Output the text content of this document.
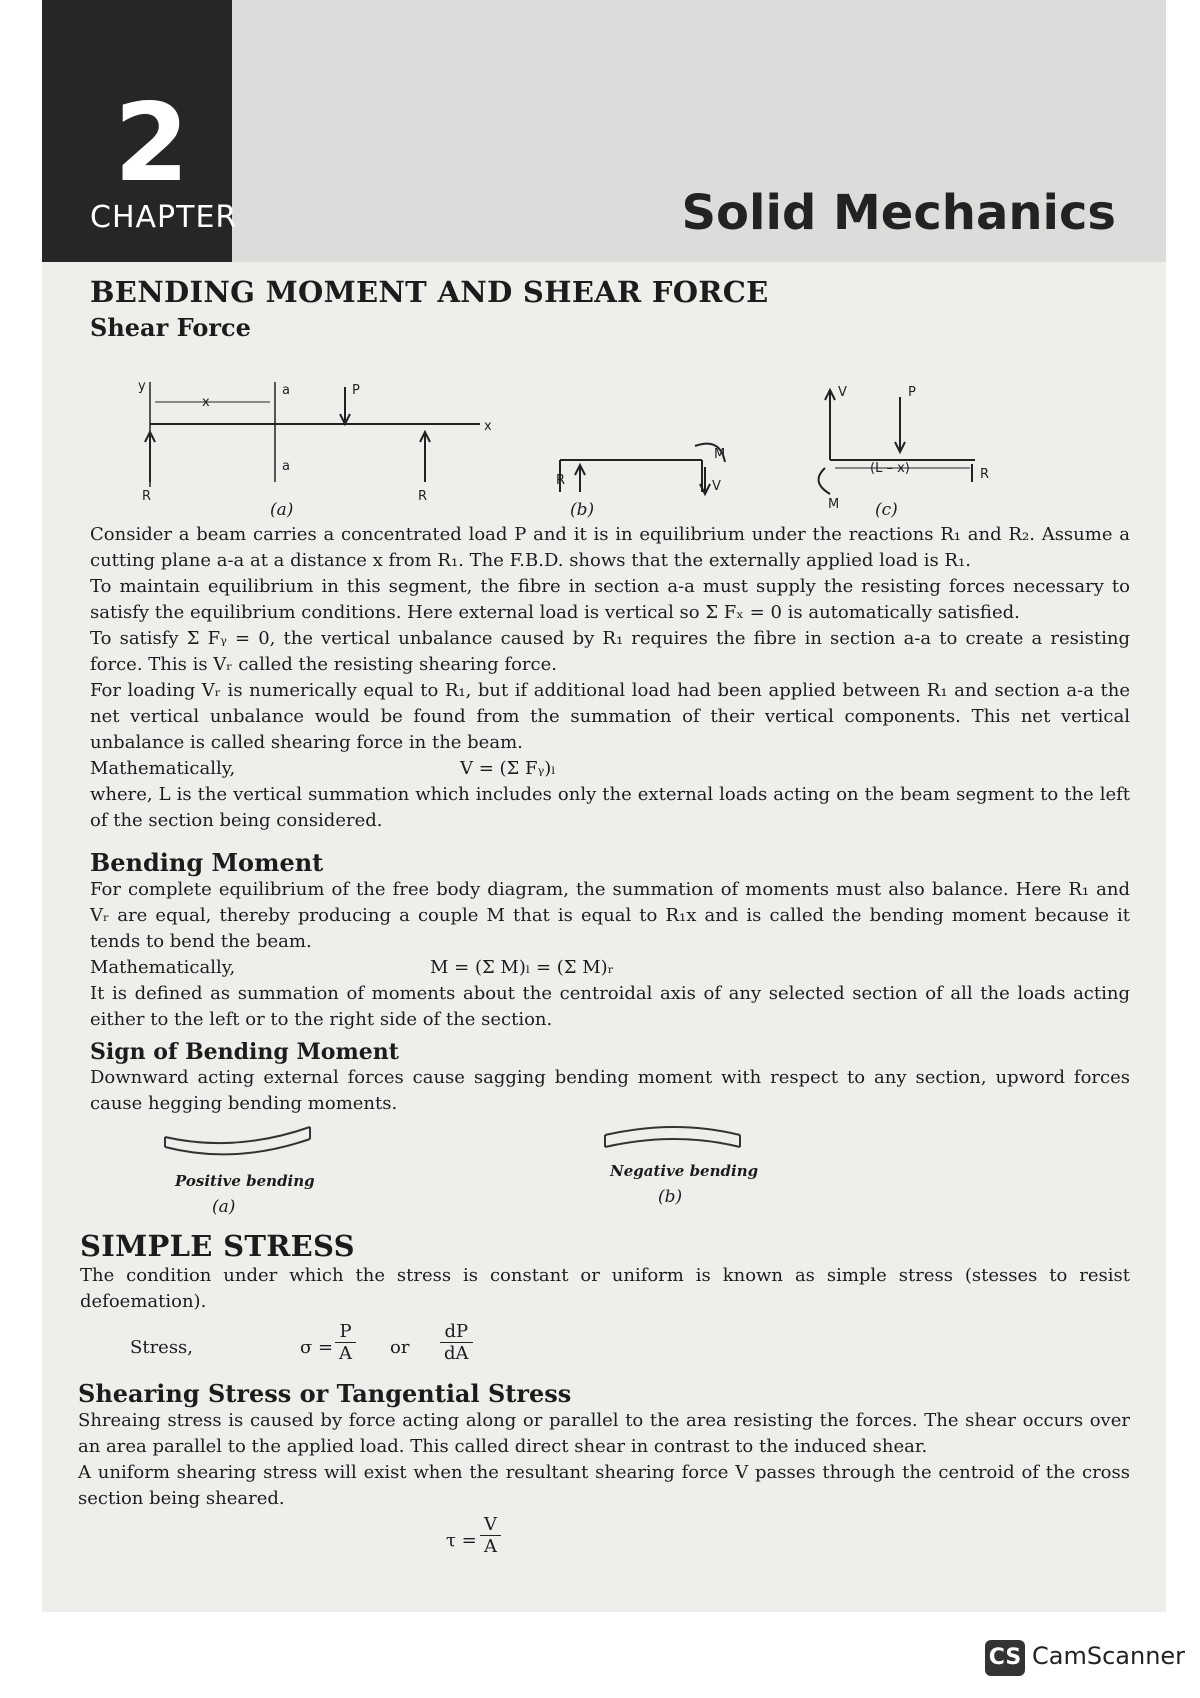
2
CHAPTER	Solid Mechanics
BENDING MOMENT AND SHEAR FORCE
Shear Force
y
x
a
a
P
x
R	R
R
M
V
V	P
(L – x)	R
M
(a)	(b)	(c)

Consider a beam carries a concentrated load P and it is in equilibrium under the reactions R₁ and R₂. Assume a cutting plane a-a at a distance x from R₁. The F.B.D. shows that the externally applied load is R₁.

To maintain equilibrium in this segment, the fibre in section a-a must supply the resisting forces necessary to satisfy the equilibrium conditions. Here external load is vertical so Σ Fₓ = 0 is automatically satisfied.

To satisfy Σ Fᵧ = 0, the vertical unbalance caused by R₁ requires the fibre in section a-a to create a resisting force. This is Vᵣ called the resisting shearing force.

For loading Vᵣ is numerically equal to R₁, but if additional load had been applied between R₁ and section a-a the net vertical unbalance would be found from the summation of their vertical components. This net vertical unbalance is called shearing force in the beam.

Mathematically,	V = (Σ Fᵧ)ₗ

where, L is the vertical summation which includes only the external loads acting on the beam segment to the left of the section being considered.

Bending Moment

For complete equilibrium of the free body diagram, the summation of moments must also balance. Here R₁ and Vᵣ are equal, thereby producing a couple M that is equal to R₁x and is called the bending moment because it tends to bend the beam.

Mathematically,	M = (Σ M)ₗ = (Σ M)ᵣ

It is defined as summation of moments about the centroidal axis of any selected section of all the loads acting either to the left or to the right side of the section.

Sign of Bending Moment

Downward acting external forces cause sagging bending moment with respect to any section, upword forces cause hegging bending moments.

Positive bending
(a)
Negative bending
(b)
SIMPLE STRESS

The condition under which the stress is constant or uniform is known as simple stress (stesses to resist defoemation).

Stress,	$\sigma = \frac{P}{A}$ or $\frac{dP}{dA}$
Shearing Stress or Tangential Stress

Shreaing stress is caused by force acting along or parallel to the area resisting the forces. The shear occurs over an area parallel to the applied load. This called direct shear in contrast to the induced shear.

A uniform shearing stress will exist when the resultant shearing force V passes through the centroid of the cross section being sheared.

$\tau = \frac{V}{A}$
CS CamScanner
